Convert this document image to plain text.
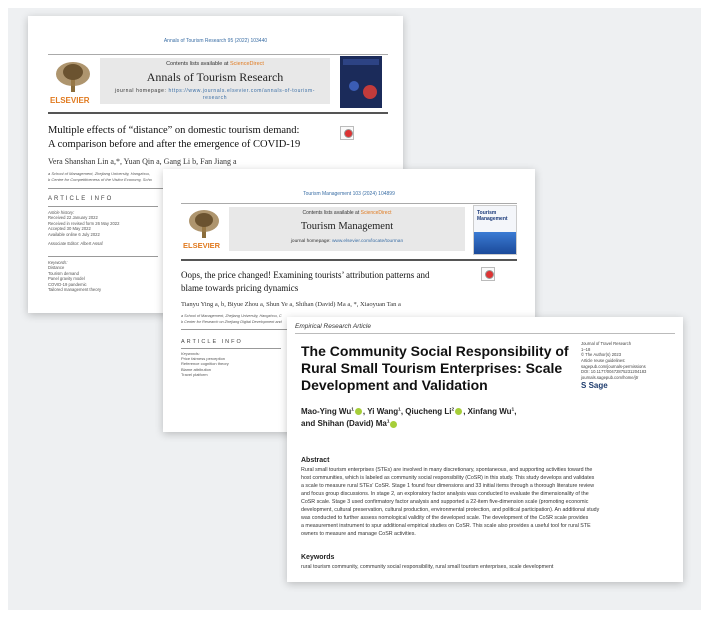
Annals of Tourism Research 95 (2022) 103440
ELSEVIER
Contents lists available at ScienceDirect
Annals of Tourism Research
journal homepage: https://www.journals.elsevier.com/annals-of-tourism-research
Multiple effects of “distance” on domestic tourism demand:
A comparison before and after the emergence of COVID-19
Vera Shanshan Lin a,*, Yuan Qin a, Gang Li b, Fan Jiang a
a School of Management, Zhejiang University, Hangzhou,
b Centre for Competitiveness of the Visitor Economy, Scho
ARTICLE INFO
Article history:
Received 22 January 2022
Received in revised form 26 May 2022
Accepted 30 May 2022
Available online 6 July 2022
Associate Editor: Albert Assaf
Keywords:
Distance
Tourism demand
Panel gravity model
COVID-19 pandemic
Tailored management theory
Tourism Management 103 (2024) 104899
ELSEVIER
Contents lists available at ScienceDirect
Tourism Management
journal homepage: www.elsevier.com/locate/tourman
Tourism Management
Oops, the price changed! Examining tourists’ attribution patterns and
blame towards pricing dynamics
Tianyu Ying a, b, Biyue Zhou a, Shun Ye a, Shihan (David) Ma a, *, Xiaoyuan Tan a
a School of Management, Zhejiang University, Hangzhou, C
b Center for Research on Zhejiang Digital Development and
ARTICLE INFO
Keywords:
Price fairness perception
Reference cognition theory
Blame attribution
Travel platform
Empirical Research Article
The Community Social Responsibility of
Rural Small Tourism Enterprises: Scale
Development and Validation
Journal of Travel Research
1–18
© The Author(s) 2023
Article reuse guidelines:
sagepub.com/journals-permissions
DOI: 10.1177/00472875231204183
journals.sagepub.com/home/jtr
S Sage
Mao-Ying Wu$^1$ , Yi Wang$^1$, Qiucheng Li$^2$ , Xinfang Wu$^1$,
and Shihan (David) Ma$^1$
Abstract
Rural small tourism enterprises (STEs) are involved in many discretionary, spontaneous, and supporting activities toward the
host communities, which is labeled as community social responsibility (CoSR) in this study. This study develops and validates
a scale to measure rural STEs’ CoSR. Stage 1 found four dimensions and 33 initial items through a thorough literature review
and focus group discussions. In stage 2, an exploratory factor analysis was conducted to evaluate the dimensionality of the
CoSR scale. Stage 3 used confirmatory factor analysis and supported a 22-item five-dimension scale (promoting economic
development, cultural preservation, cultural production, environmental protection, and political participation). An additional study
was conducted to further assess nomological validity of the developed scale. The development of the CoSR scale provides
a measurement instrument to spur additional empirical studies on CoSR. This scale also provides a useful tool for rural STE
owners to measure and manage CoSR activities.
Keywords
rural tourism community, community social responsibility, rural small tourism enterprises, scale development
